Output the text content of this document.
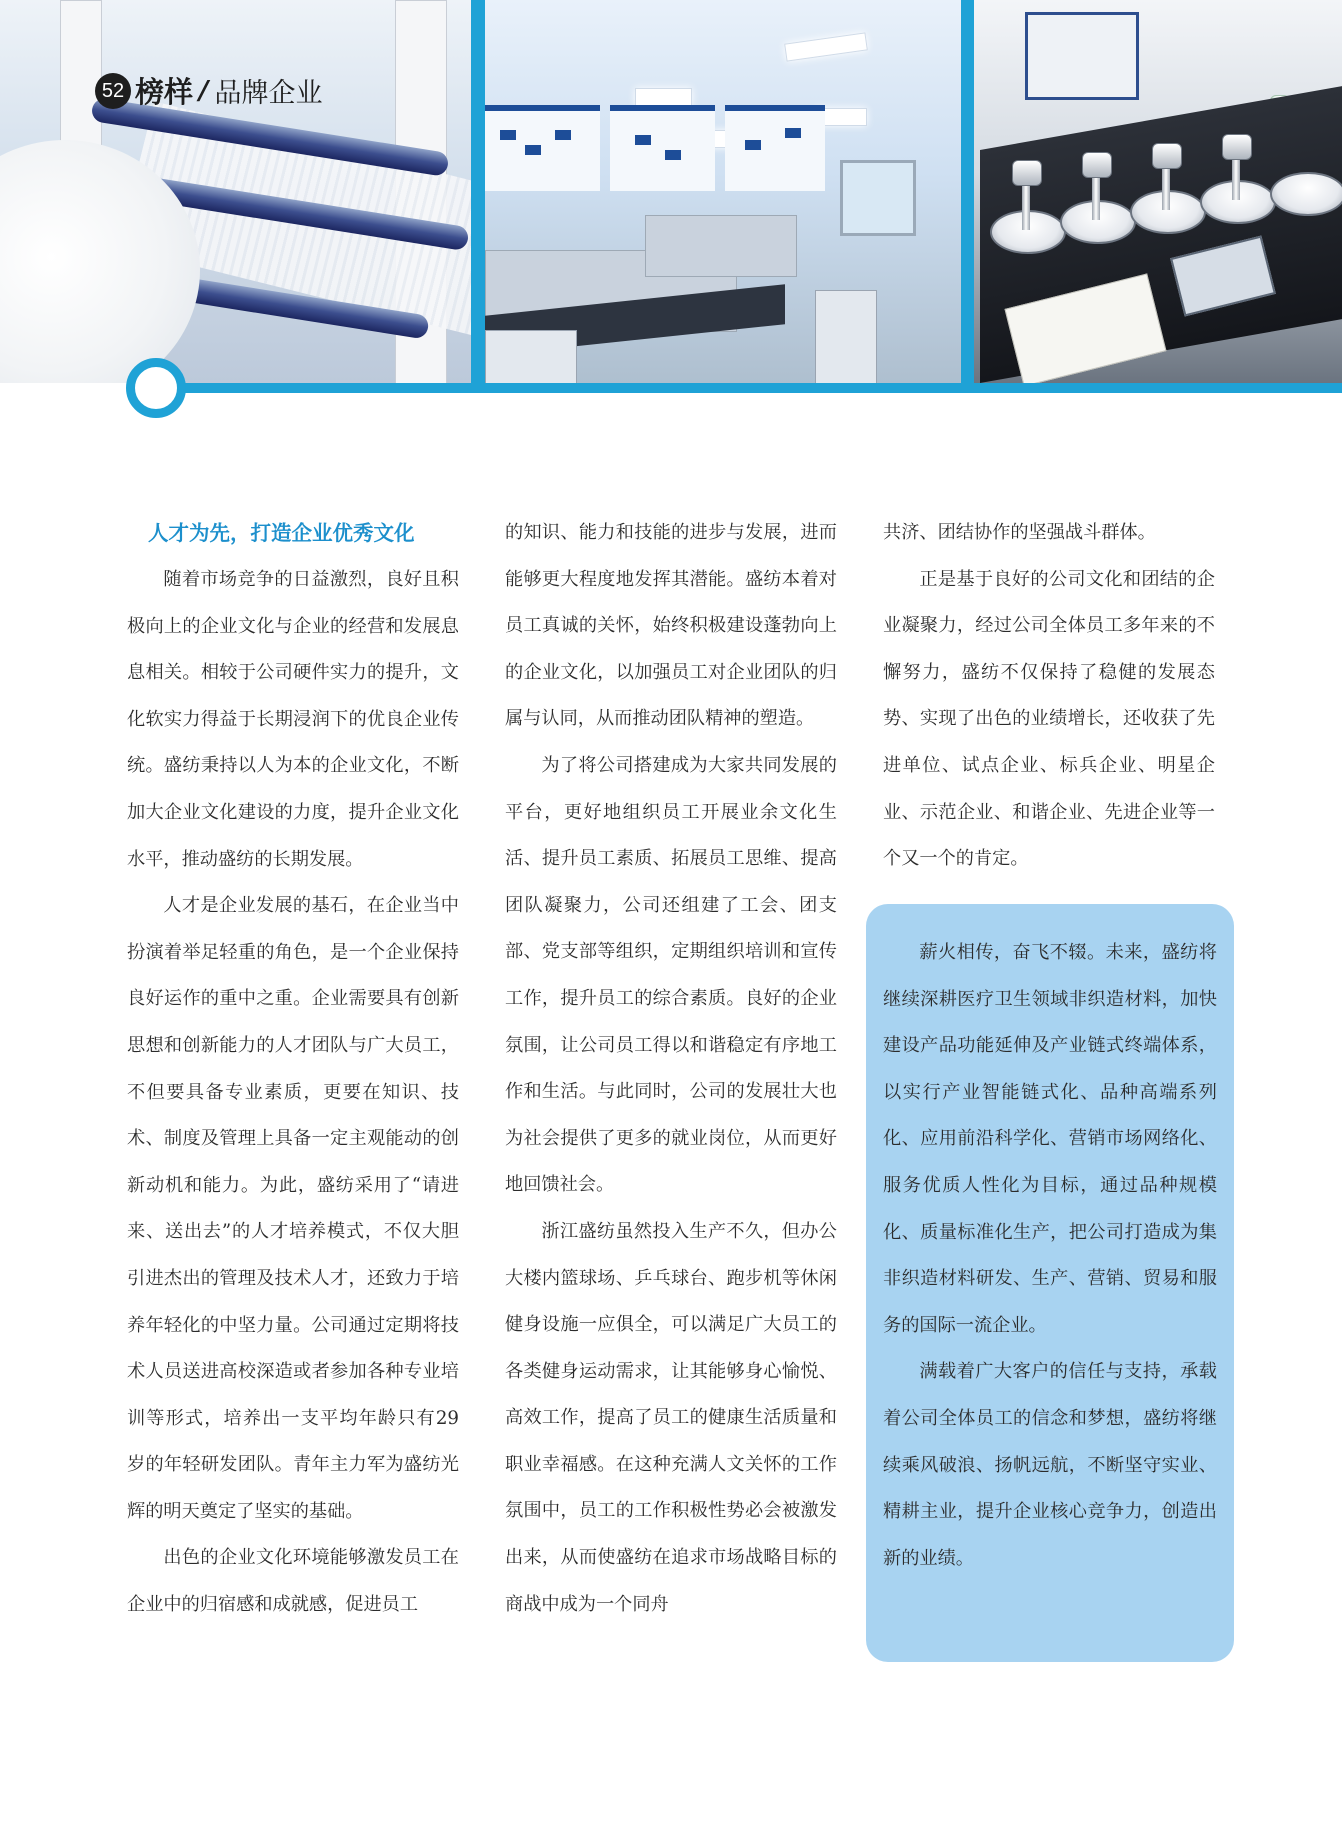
52 榜样 / 品牌企业
人才为先，打造企业优秀文化

随着市场竞争的日益激烈，良好且积极向上的企业文化与企业的经营和发展息息相关。相较于公司硬件实力的提升，文化软实力得益于长期浸润下的优良企业传统。盛纺秉持以人为本的企业文化，不断加大企业文化建设的力度，提升企业文化水平，推动盛纺的长期发展。

人才是企业发展的基石，在企业当中扮演着举足轻重的角色，是一个企业保持良好运作的重中之重。企业需要具有创新思想和创新能力的人才团队与广大员工，不但要具备专业素质，更要在知识、技术、制度及管理上具备一定主观能动的创新动机和能力。为此，盛纺采用了“请进来、送出去”的人才培养模式，不仅大胆引进杰出的管理及技术人才，还致力于培养年轻化的中坚力量。公司通过定期将技术人员送进高校深造或者参加各种专业培训等形式，培养出一支平均年龄只有29岁的年轻研发团队。青年主力军为盛纺光辉的明天奠定了坚实的基础。

出色的企业文化环境能够激发员工在企业中的归宿感和成就感，促进员工

的知识、能力和技能的进步与发展，进而能够更大程度地发挥其潜能。盛纺本着对员工真诚的关怀，始终积极建设蓬勃向上的企业文化，以加强员工对企业团队的归属与认同，从而推动团队精神的塑造。

为了将公司搭建成为大家共同发展的平台，更好地组织员工开展业余文化生活、提升员工素质、拓展员工思维、提高团队凝聚力，公司还组建了工会、团支部、党支部等组织，定期组织培训和宣传工作，提升员工的综合素质。良好的企业氛围，让公司员工得以和谐稳定有序地工作和生活。与此同时，公司的发展壮大也为社会提供了更多的就业岗位，从而更好地回馈社会。

浙江盛纺虽然投入生产不久，但办公大楼内篮球场、乒乓球台、跑步机等休闲健身设施一应俱全，可以满足广大员工的各类健身运动需求，让其能够身心愉悦、高效工作，提高了员工的健康生活质量和职业幸福感。在这种充满人文关怀的工作氛围中，员工的工作积极性势必会被激发出来，从而使盛纺在追求市场战略目标的商战中成为一个同舟

共济、团结协作的坚强战斗群体。

正是基于良好的公司文化和团结的企业凝聚力，经过公司全体员工多年来的不懈努力，盛纺不仅保持了稳健的发展态势、实现了出色的业绩增长，还收获了先进单位、试点企业、标兵企业、明星企业、示范企业、和谐企业、先进企业等一个又一个的肯定。

薪火相传，奋飞不辍。未来，盛纺将继续深耕医疗卫生领域非织造材料，加快建设产品功能延伸及产业链式终端体系，以实行产业智能链式化、品种高端系列化、应用前沿科学化、营销市场网络化、服务优质人性化为目标，通过品种规模化、质量标准化生产，把公司打造成为集非织造材料研发、生产、营销、贸易和服务的国际一流企业。

满载着广大客户的信任与支持，承载着公司全体员工的信念和梦想，盛纺将继续乘风破浪、扬帆远航，不断坚守实业、精耕主业，提升企业核心竞争力，创造出新的业绩。
